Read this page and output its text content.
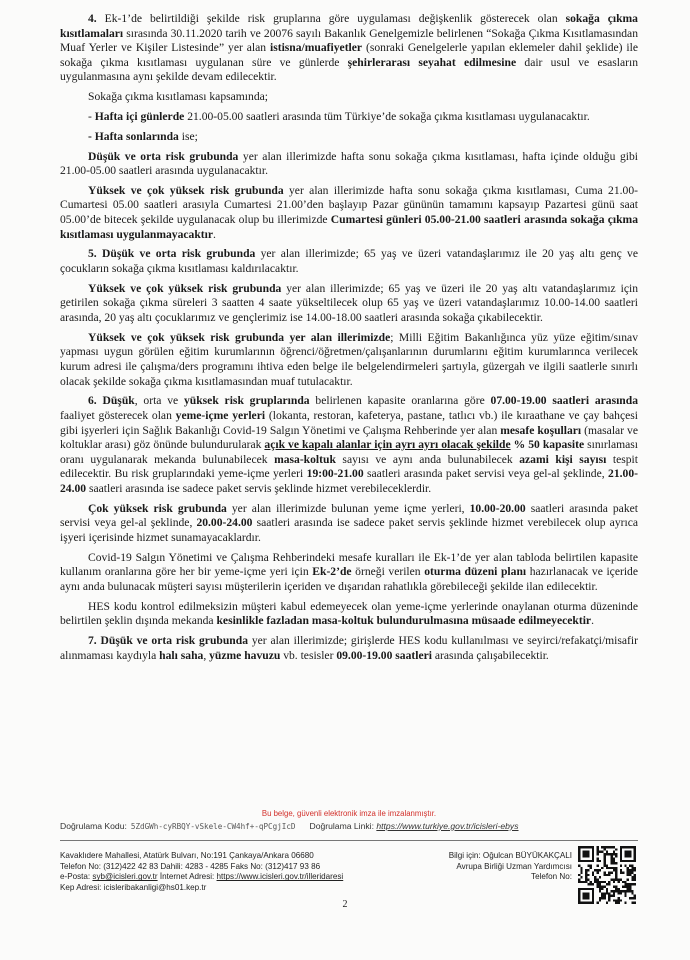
4. Ek-1’de belirtildiği şekilde risk gruplarına göre uygulaması değişkenlik gösterecek olan sokağa çıkma kısıtlamaları sırasında 30.11.2020 tarih ve 20076 sayılı Bakanlık Genelgemizle belirlenen “Sokağa Çıkma Kısıtlamasından Muaf Yerler ve Kişiler Listesinde” yer alan istisna/muafiyetler (sonraki Genelgelerle yapılan eklemeler dahil şeklide) ile sokağa çıkma kısıtlaması uygulanan süre ve günlerde şehirlerarası seyahat edilmesine dair usul ve esasların uygulanmasına aynı şekilde devam edilecektir.

Sokağa çıkma kısıtlaması kapsamında;

- Hafta içi günlerde 21.00-05.00 saatleri arasında tüm Türkiye’de sokağa çıkma kısıtlaması uygulanacaktır.

- Hafta sonlarında ise;

Düşük ve orta risk grubunda yer alan illerimizde hafta sonu sokağa çıkma kısıtlaması, hafta içinde olduğu gibi 21.00-05.00 saatleri arasında uygulanacaktır.

Yüksek ve çok yüksek risk grubunda yer alan illerimizde hafta sonu sokağa çıkma kısıtlaması, Cuma 21.00-Cumartesi 05.00 saatleri arasıyla Cumartesi 21.00’den başlayıp Pazar gününün tamamını kapsayıp Pazartesi günü saat 05.00’de bitecek şekilde uygulanacak olup bu illerimizde Cumartesi günleri 05.00-21.00 saatleri arasında sokağa çıkma kısıtlaması uygulanmayacaktır.

5. Düşük ve orta risk grubunda yer alan illerimizde; 65 yaş ve üzeri vatandaşlarımız ile 20 yaş altı genç ve çocukların sokağa çıkma kısıtlaması kaldırılacaktır.

Yüksek ve çok yüksek risk grubunda yer alan illerimizde; 65 yaş ve üzeri ile 20 yaş altı vatandaşlarımız için getirilen sokağa çıkma süreleri 3 saatten 4 saate yükseltilecek olup 65 yaş ve üzeri vatandaşlarımız 10.00-14.00 saatleri arasında, 20 yaş altı çocuklarımız ve gençlerimiz ise 14.00-18.00 saatleri arasında sokağa çıkabilecektir.

Yüksek ve çok yüksek risk grubunda yer alan illerimizde; Milli Eğitim Bakanlığınca yüz yüze eğitim/sınav yapması uygun görülen eğitim kurumlarının öğrenci/öğretmen/çalışanlarının durumlarını eğitim kurumlarınca verilecek kurum adresi ile çalışma/ders programını ihtiva eden belge ile belgelendirmeleri şartıyla, güzergah ve ilgili saatlerle sınırlı olacak şekilde sokağa çıkma kısıtlamasından muaf tutulacaktır.

6. Düşük, orta ve yüksek risk gruplarında belirlenen kapasite oranlarına göre 07.00-19.00 saatleri arasında faaliyet gösterecek olan yeme-içme yerleri (lokanta, restoran, kafeterya, pastane, tatlıcı vb.) ile kıraathane ve çay bahçesi gibi işyerleri için Sağlık Bakanlığı Covid-19 Salgın Yönetimi ve Çalışma Rehberinde yer alan mesafe koşulları (masalar ve koltuklar arası) göz önünde bulundurularak açık ve kapalı alanlar için ayrı ayrı olacak şekilde % 50 kapasite sınırlaması oranı uygulanarak mekanda bulunabilecek masa-koltuk sayısı ve aynı anda bulunabilecek azami kişi sayısı tespit edilecektir. Bu risk gruplarındaki yeme-içme yerleri 19:00-21.00 saatleri arasında paket servisi veya gel-al şeklinde, 21.00-24.00 saatleri arasında ise sadece paket servis şeklinde hizmet verebileceklerdir.

Çok yüksek risk grubunda yer alan illerimizde bulunan yeme içme yerleri, 10.00-20.00 saatleri arasında paket servisi veya gel-al şeklinde, 20.00-24.00 saatleri arasında ise sadece paket servis şeklinde hizmet verebilecek olup ayrıca işyeri içerisinde hizmet sunamayacaklardır.

Covid-19 Salgın Yönetimi ve Çalışma Rehberindeki mesafe kuralları ile Ek-1’de yer alan tabloda belirtilen kapasite kullanım oranlarına göre her bir yeme-içme yeri için Ek-2’de örneği verilen oturma düzeni planı hazırlanacak ve içeride aynı anda bulunacak müşteri sayısı müşterilerin içeriden ve dışarıdan rahatlıkla görebileceği şekilde ilan edilecektir.

HES kodu kontrol edilmeksizin müşteri kabul edemeyecek olan yeme-içme yerlerinde onaylanan oturma düzeninde belirtilen şeklin dışında mekanda kesinlikle fazladan masa-koltuk bulundurulmasına müsaade edilmeyecektir.

7. Düşük ve orta risk grubunda yer alan illerimizde; girişlerde HES kodu kullanılması ve seyirci/refakatçi/misafir alınmaması kaydıyla halı saha, yüzme havuzu vb. tesisler 09.00-19.00 saatleri arasında çalışabilecektir.

Bu belge, güvenli elektronik imza ile imzalanmıştır.
Doğrulama Kodu: 5ZdGWh-cyRBQY-vSkele-CW4hf+-qPCgjIcD Doğrulama Linki: https://www.turkiye.gov.tr/icisleri-ebys
Kavaklıdere Mahallesi, Atatürk Bulvarı, No:191 Çankaya/Ankara 06680
Telefon No: (312)422 42 83 Dahili: 4283 - 4285 Faks No: (312)417 93 86
e-Posta: syb@icisleri.gov.tr İnternet Adresi: https://www.icisleri.gov.tr/illeridaresi
Kep Adresi: icisleribakanligi@hs01.kep.tr
Bilgi için: Oğulcan BÜYÜKAKÇALI
Avrupa Birliği Uzman Yardımcısı
Telefon No:
2
